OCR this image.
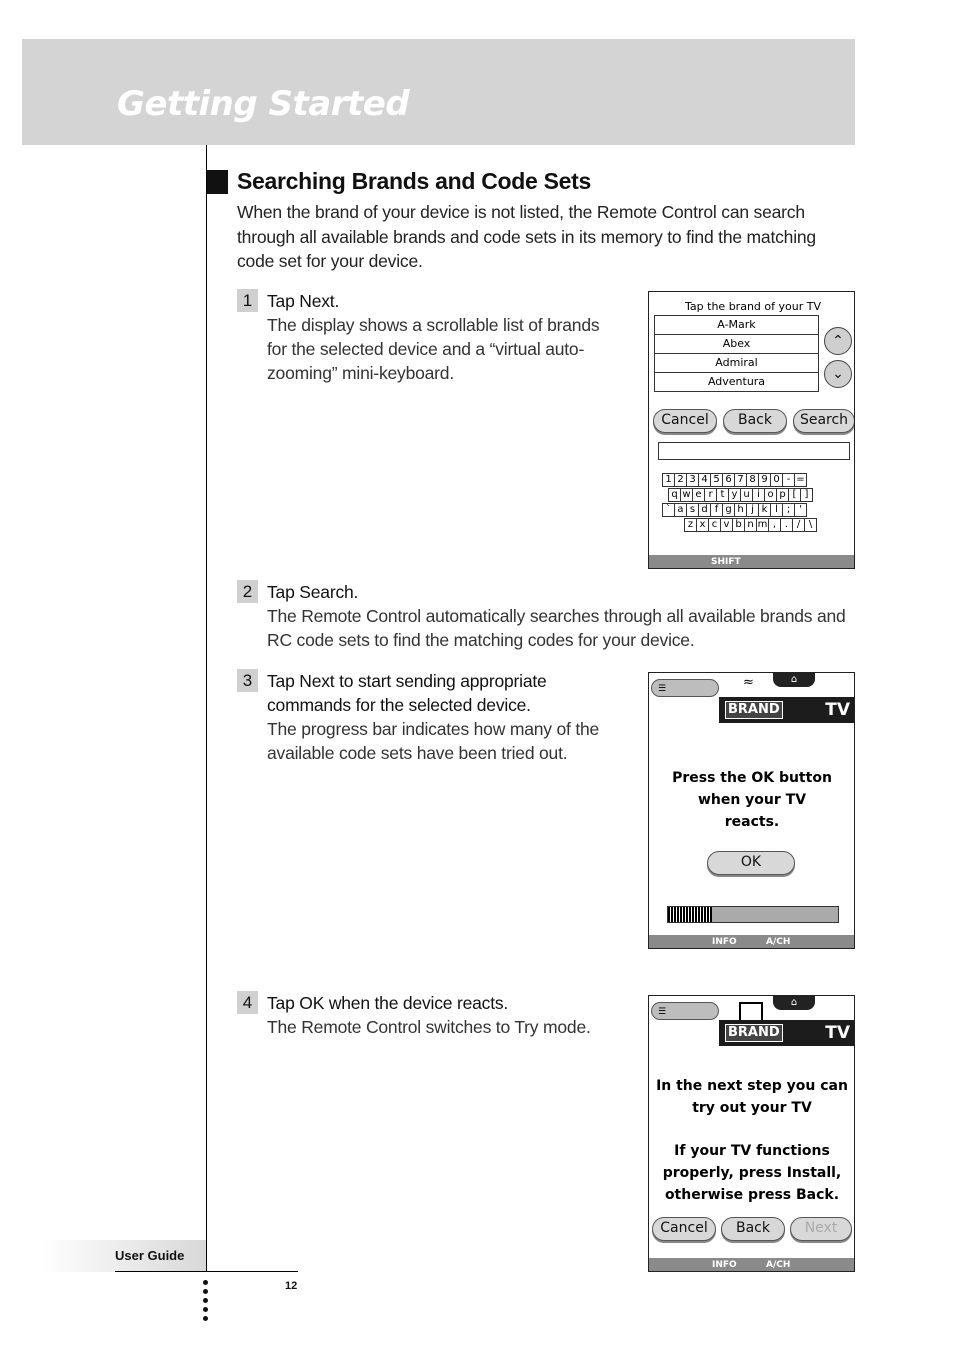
Getting Started
Searching Brands and Code Sets
When the brand of your device is not listed, the Remote Control can search through all available brands and code sets in its memory to find the matching code set for your device.
1 Tap Next.
The display shows a scrollable list of brands for the selected device and a “virtual auto-zooming” mini-keyboard.
Tap the brand of your TV
A-Mark
Abex
Admiral
Adventura
⌃
⌄
Cancel	Back	Search
1 2 3 4 5 6 7 8 9 0 - =
q w e r t y u i o p [ ]
` a s d f g h j k l ; '
z x c v b n m , . / \
SHIFT
2 Tap Search.
The Remote Control automatically searches through all available brands and RC code sets to find the matching codes for your device.
3 Tap Next to start sending appropriate commands for the selected device.
The progress bar indicates how many of the available code sets have been tried out.
☰	≈	⌂
BRAND	TV
Press the OK button
when your TV
reacts.
OK
INFO	A/CH
4 Tap OK when the device reacts.
The Remote Control switches to Try mode.
☰
⌂
BRAND	TV
In the next step you can
try out your TV
If your TV functions
properly, press Install,
otherwise press Back.
Cancel	Back	Next
INFO	A/CH
User Guide
12
